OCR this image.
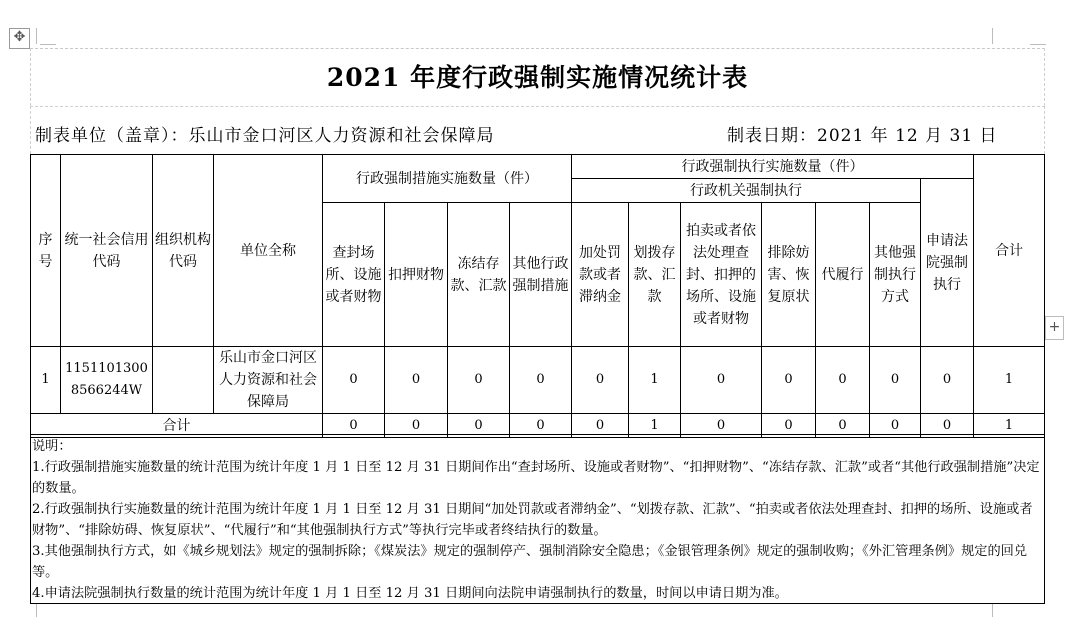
✥
+
2021 年度行政强制实施情况统计表
制表单位（盖章）：乐山市金口河区人力资源和社会保障局	制表日期：2021 年 12 月 31 日
序号	统一社会信用代码	组织机构代码	单位全称	行政强制措施实施数量（件）				行政强制执行实施数量（件）							合计
								行政机关强制执行						申请法院强制执行	
				查封场所、设施或者财物	扣押财物	冻结存款、汇款	其他行政强制措施	加处罚款或者滞纳金	划拨存款、汇款	拍卖或者依法处理查封、扣押的场所、设施或者财物	排除妨害、恢复原状	代履行	其他强制执行方式		
1	11511013008566244W		乐山市金口河区人力资源和社会保障局	0	0	0	0	0	1	0	0	0	0	0	1
合计				0	0	0	0	0	1	0	0	0	0	0	1

说明：

1.行政强制措施实施数量的统计范围为统计年度 1 月 1 日至 12 月 31 日期间作出“查封场所、设施或者财物”、“扣押财物”、“冻结存款、汇款”或者“其他行政强制措施”决定的数量。

2.行政强制执行实施数量的统计范围为统计年度 1 月 1 日至 12 月 31 日期间“加处罚款或者滞纳金”、“划拨存款、汇款”、“拍卖或者依法处理查封、扣押的场所、设施或者财物”、“排除妨碍、恢复原状”、“代履行”和“其他强制执行方式”等执行完毕或者终结执行的数量。

3.其他强制执行方式，如《城乡规划法》规定的强制拆除；《煤炭法》规定的强制停产、强制消除安全隐患；《金银管理条例》规定的强制收购；《外汇管理条例》规定的回兑等。

4.申请法院强制执行数量的统计范围为统计年度 1 月 1 日至 12 月 31 日期间向法院申请强制执行的数量，时间以申请日期为准。
